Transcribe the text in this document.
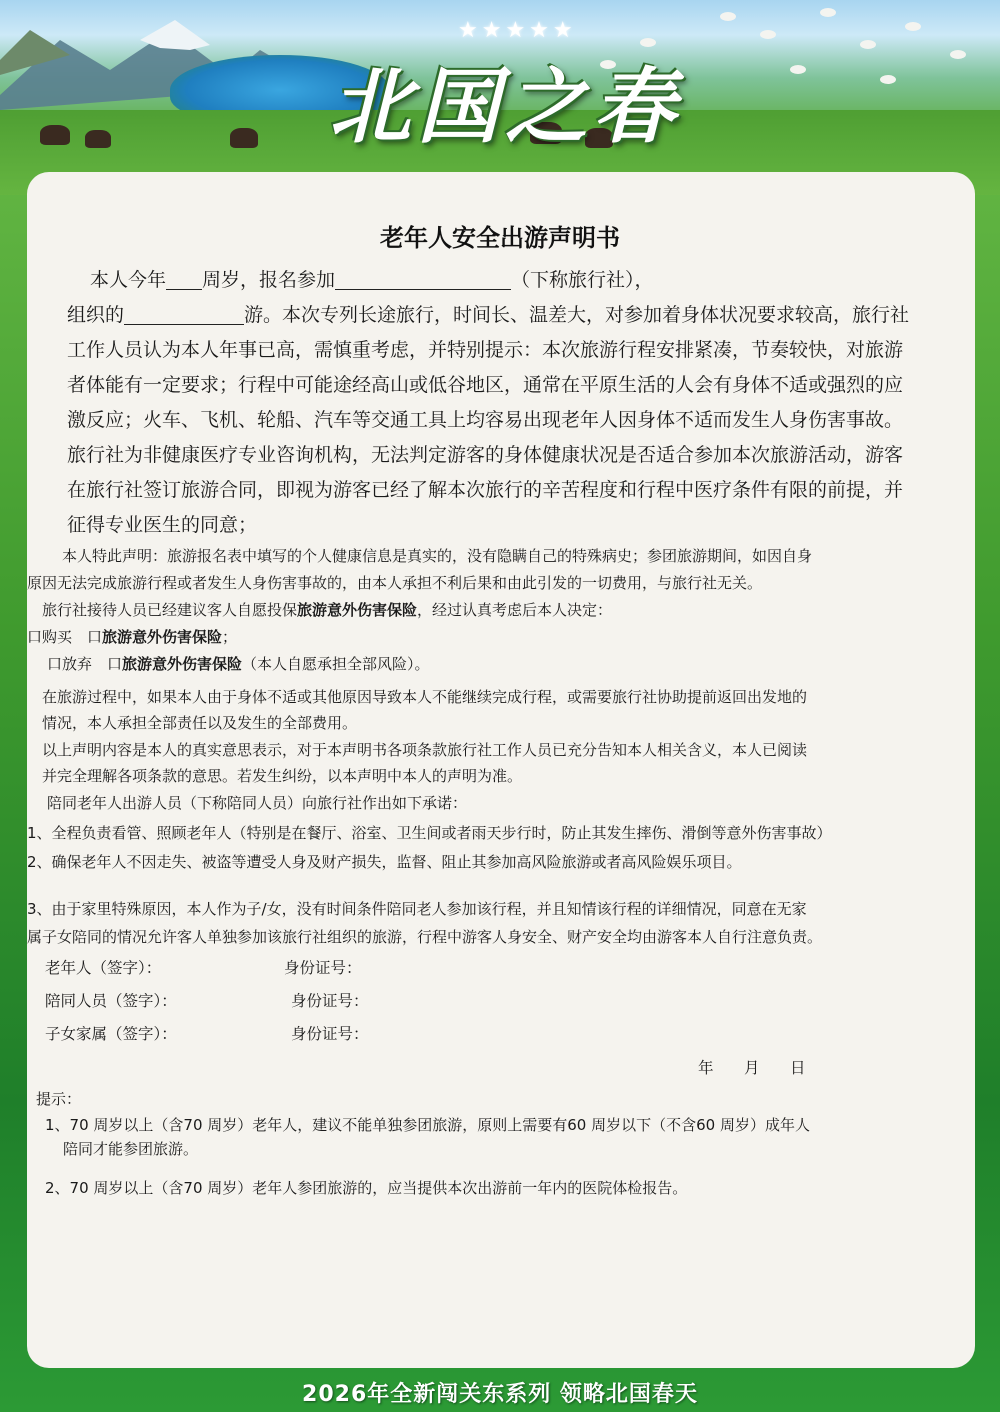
★★★★★
北国之春
老年人安全出游声明书
本人今年 周岁，报名参加	（下称旅行社），
组织的	游。本次专列长途旅行，时间长、温差大，对参加着身体状况要求较高，旅行社
工作人员认为本人年事已高，需慎重考虑，并特别提示：本次旅游行程安排紧凑，节奏较快，对旅游
者体能有一定要求；行程中可能途经高山或低谷地区，通常在平原生活的人会有身体不适或强烈的应
激反应；火车、飞机、轮船、汽车等交通工具上均容易出现老年人因身体不适而发生人身伤害事故。
旅行社为非健康医疗专业咨询机构，无法判定游客的身体健康状况是否适合参加本次旅游活动，游客
在旅行社签订旅游合同，即视为游客已经了解本次旅行的辛苦程度和行程中医疗条件有限的前提，并
征得专业医生的同意；
本人特此声明：旅游报名表中填写的个人健康信息是真实的，没有隐瞒自己的特殊病史；参团旅游期间，如因自身
原因无法完成旅游行程或者发生人身伤害事故的，由本人承担不利后果和由此引发的一切费用，与旅行社无关。
旅行社接待人员已经建议客人自愿投保旅游意外伤害保险，经过认真考虑后本人决定：
口购买　口旅游意外伤害保险；
口放弃　口旅游意外伤害保险（本人自愿承担全部风险）。
在旅游过程中，如果本人由于身体不适或其他原因导致本人不能继续完成行程，或需要旅行社协助提前返回出发地的
情况，本人承担全部责任以及发生的全部费用。
以上声明内容是本人的真实意思表示，对于本声明书各项条款旅行社工作人员已充分告知本人相关含义，本人已阅读
并完全理解各项条款的意思。若发生纠纷，以本声明中本人的声明为准。
陪同老年人出游人员（下称陪同人员）向旅行社作出如下承诺：
1、全程负责看管、照顾老年人（特别是在餐厅、浴室、卫生间或者雨天步行时，防止其发生摔伤、滑倒等意外伤害事故）
2、确保老年人不因走失、被盗等遭受人身及财产损失，监督、阻止其参加高风险旅游或者高风险娱乐项目。
3、由于家里特殊原因，本人作为子/女，没有时间条件陪同老人参加该行程，并且知情该行程的详细情况，同意在无家
属子女陪同的情况允许客人单独参加该旅行社组织的旅游，行程中游客人身安全、财产安全均由游客本人自行注意负责。
老年人（签字）：	身份证号：
陪同人员（签字）：	身份证号：
子女家属（签字）：	身份证号：
年 月 日
提示：
1、70 周岁以上（含70 周岁）老年人，建议不能单独参团旅游，原则上需要有60 周岁以下（不含60 周岁）成年人
陪同才能参团旅游。
2、70 周岁以上（含70 周岁）老年人参团旅游的，应当提供本次出游前一年内的医院体检报告。
2026年全新闯关东系列 领略北国春天
